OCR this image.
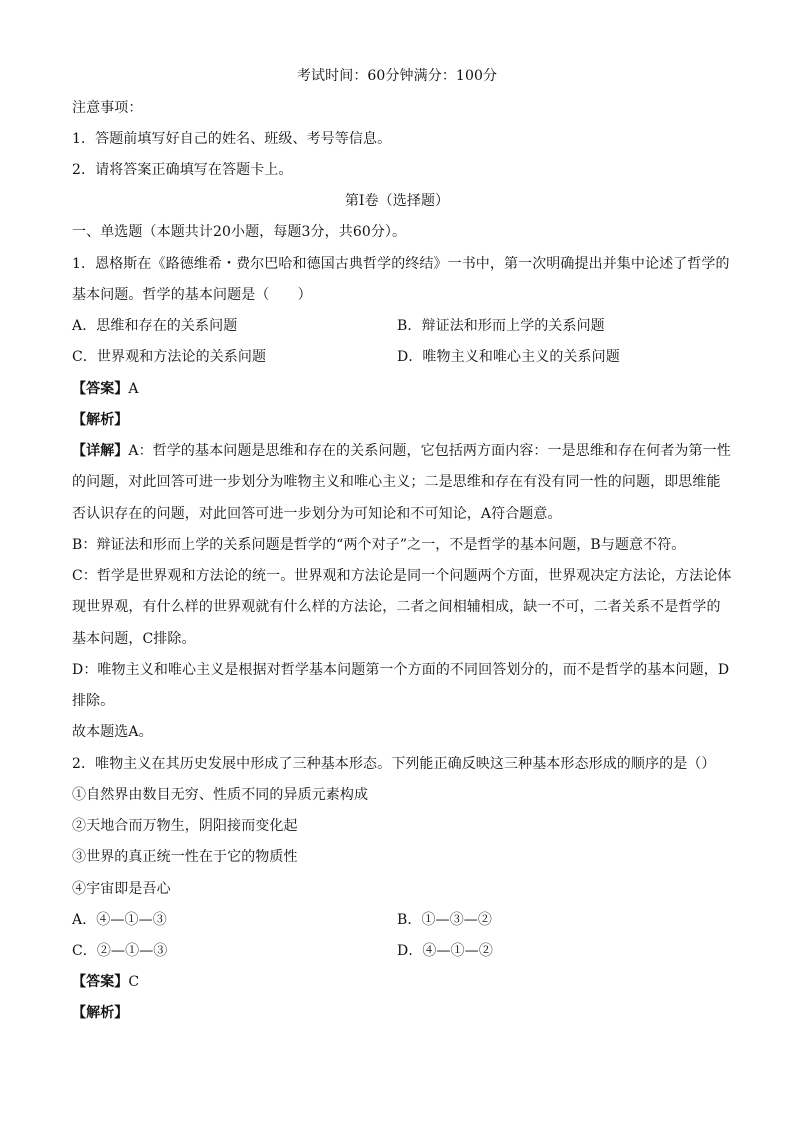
考试时间：60分钟满分：100分
注意事项：
1．答题前填写好自己的姓名、班级、考号等信息。
2．请将答案正确填写在答题卡上。
第I卷（选择题）
一、单选题（本题共计20小题，每题3分，共60分）。
1．恩格斯在《路德维希・费尔巴哈和德国古典哲学的终结》一书中，第一次明确提出并集中论述了哲学的
基本问题。哲学的基本问题是（　　）
A．思维和存在的关系问题	B．辩证法和形而上学的关系问题
C．世界观和方法论的关系问题	D．唯物主义和唯心主义的关系问题
【答案】A
【解析】
【详解】A：哲学的基本问题是思维和存在的关系问题，它包括两方面内容：一是思维和存在何者为第一性
的问题，对此回答可进一步划分为唯物主义和唯心主义；二是思维和存在有没有同一性的问题，即思维能
否认识存在的问题，对此回答可进一步划分为可知论和不可知论，A符合题意。
B：辩证法和形而上学的关系问题是哲学的“两个对子”之一，不是哲学的基本问题，B与题意不符。
C：哲学是世界观和方法论的统一。世界观和方法论是同一个问题两个方面，世界观决定方法论，方法论体
现世界观，有什么样的世界观就有什么样的方法论，二者之间相辅相成，缺一不可，二者关系不是哲学的
基本问题，C排除。
D：唯物主义和唯心主义是根据对哲学基本问题第一个方面的不同回答划分的，而不是哲学的基本问题，D
排除。
故本题选A。
2．唯物主义在其历史发展中形成了三种基本形态。下列能正确反映这三种基本形态形成的顺序的是（）
①自然界由数目无穷、性质不同的异质元素构成
②天地合而万物生，阴阳接而变化起
③世界的真正统一性在于它的物质性
④宇宙即是吾心
A．④—①—③	B．①—③—②
C．②—①—③	D．④—①—②
【答案】C
【解析】
